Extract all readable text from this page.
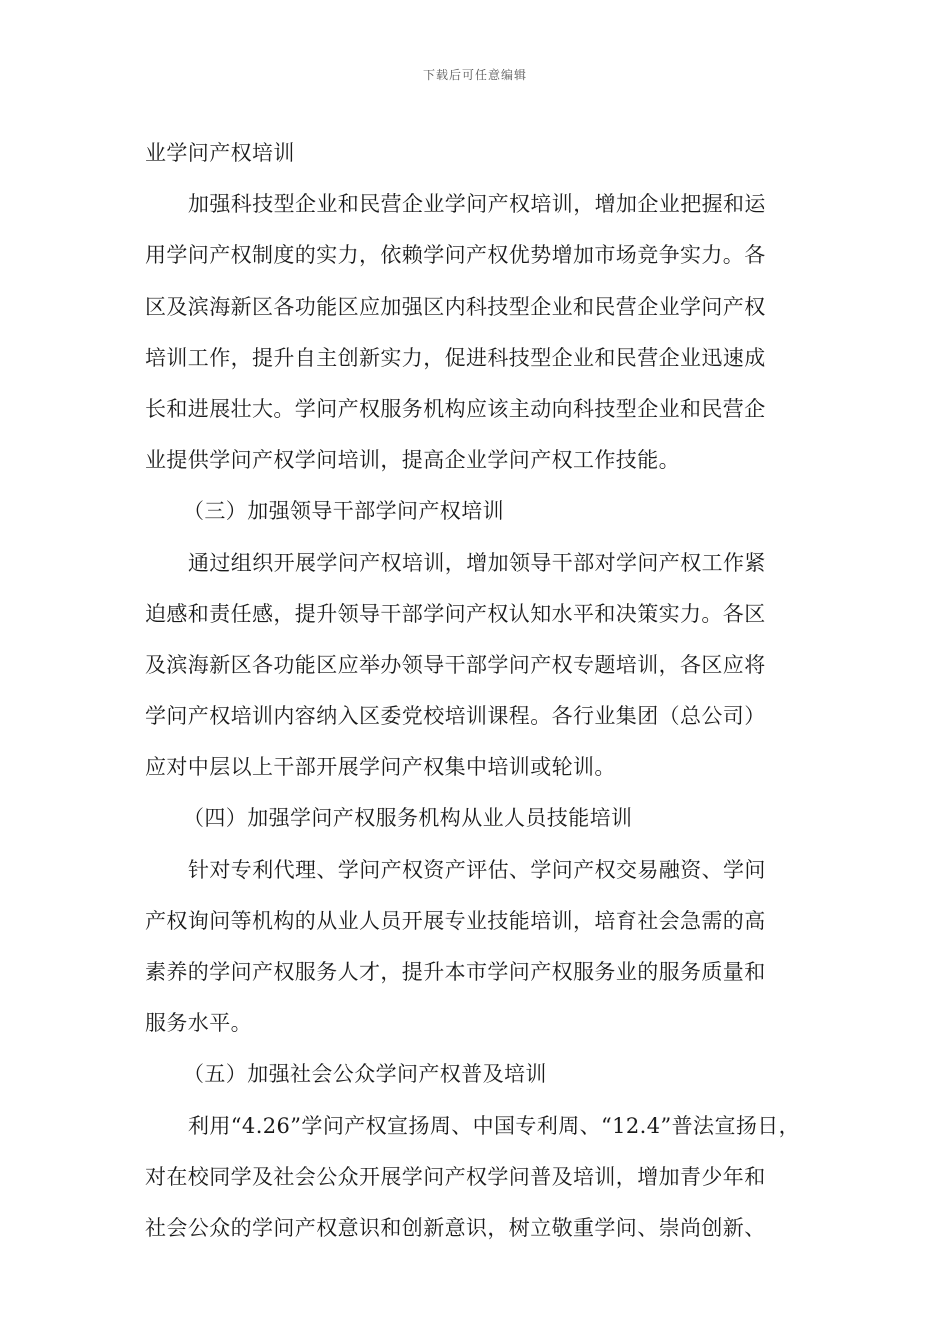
下载后可任意编辑
业学问产权培训
加强科技型企业和民营企业学问产权培训，增加企业把握和运
用学问产权制度的实力，依赖学问产权优势增加市场竞争实力。各
区及滨海新区各功能区应加强区内科技型企业和民营企业学问产权
培训工作，提升自主创新实力，促进科技型企业和民营企业迅速成
长和进展壮大。学问产权服务机构应该主动向科技型企业和民营企
业提供学问产权学问培训，提高企业学问产权工作技能。
（三）加强领导干部学问产权培训
通过组织开展学问产权培训，增加领导干部对学问产权工作紧
迫感和责任感，提升领导干部学问产权认知水平和决策实力。各区
及滨海新区各功能区应举办领导干部学问产权专题培训，各区应将
学问产权培训内容纳入区委党校培训课程。各行业集团（总公司）
应对中层以上干部开展学问产权集中培训或轮训。
（四）加强学问产权服务机构从业人员技能培训
针对专利代理、学问产权资产评估、学问产权交易融资、学问
产权询问等机构的从业人员开展专业技能培训，培育社会急需的高
素养的学问产权服务人才，提升本市学问产权服务业的服务质量和
服务水平。
（五）加强社会公众学问产权普及培训
利用“4.26”学问产权宣扬周、中国专利周、“12.4”普法宣扬日，
对在校同学及社会公众开展学问产权学问普及培训，增加青少年和
社会公众的学问产权意识和创新意识，树立敬重学问、崇尚创新、
